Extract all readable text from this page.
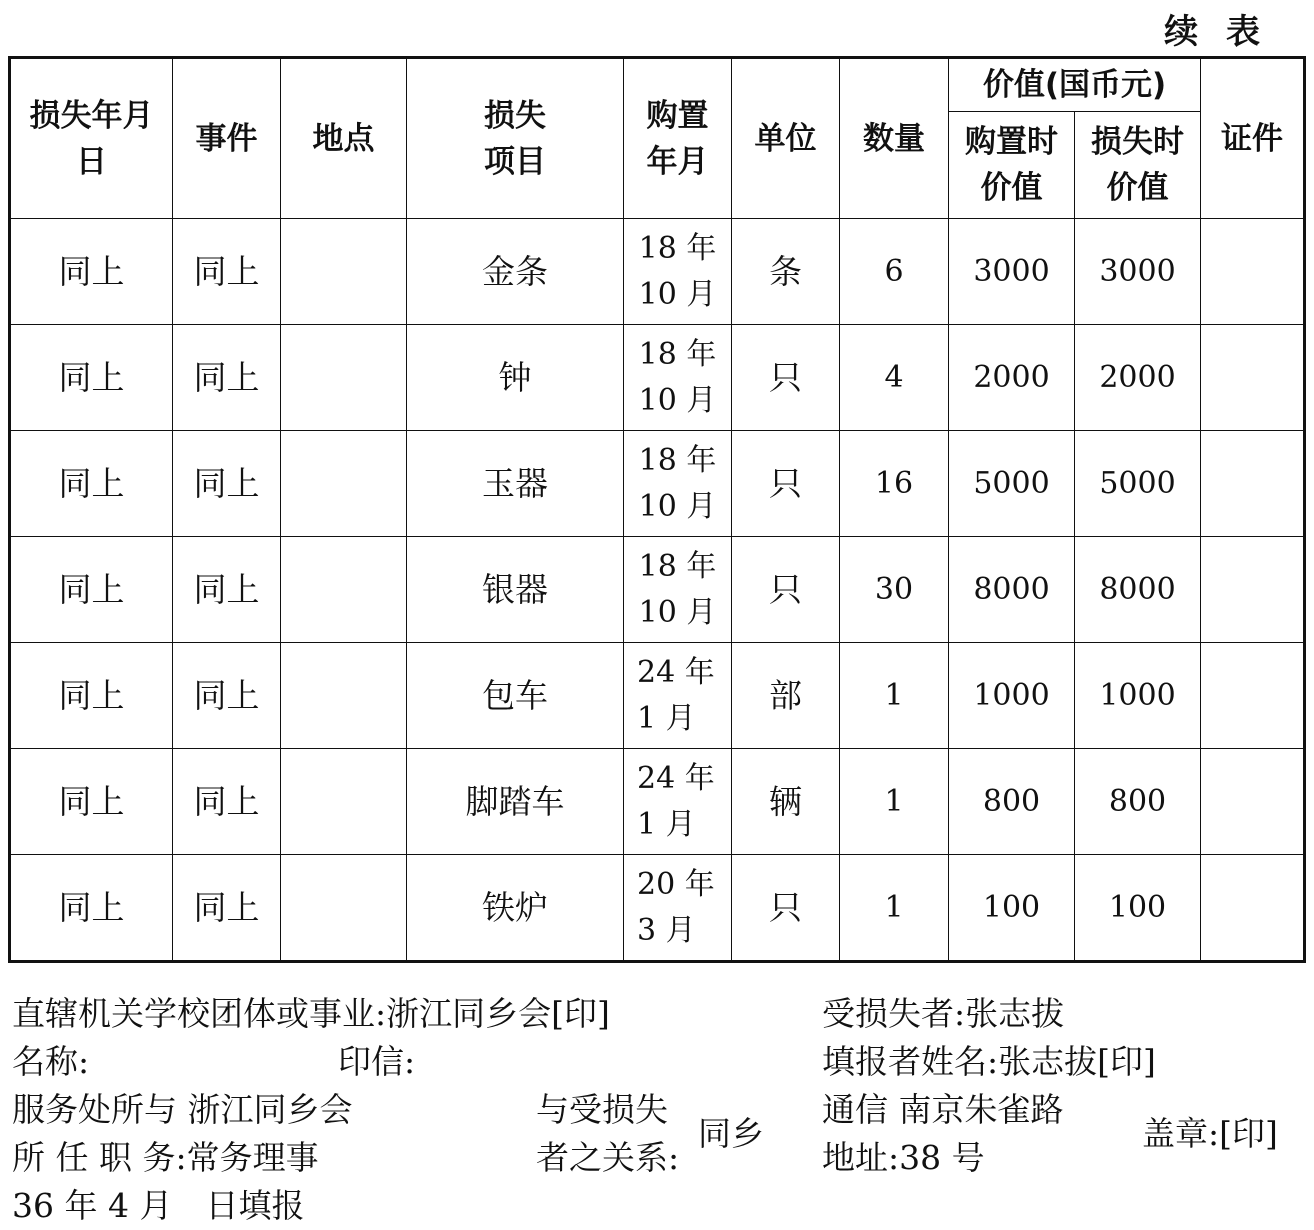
续 表
损失年月日	事件	地点	损失项目	购置年月	单位	数量	价值(国币元)		证件
							购置时价值	损失时价值	
同上	同上		金条	18 年 10 月	条	6	3000	3000	
同上	同上		钟	18 年 10 月	只	4	2000	2000	
同上	同上		玉器	18 年 10 月	只	16	5000	5000	
同上	同上		银器	18 年 10 月	只	30	8000	8000	
同上	同上		包车	24 年 1 月	部	1	1000	1000	
同上	同上		脚踏车	24 年 1 月	辆	1	800	800	
同上	同上		铁炉	20 年 3 月	只	1	100	100	
直辖机关学校团体或事业:浙江同乡会[印]
名称:	印信:
服务处所与 浙江同乡会
所 任 职 务:常务理事
36 年 4 月　日填报
与受损失
者之关系:
同乡
受损失者:张志拔
填报者姓名:张志拔[印]
通信 南京朱雀路
地址:38 号
盖章:[印]
